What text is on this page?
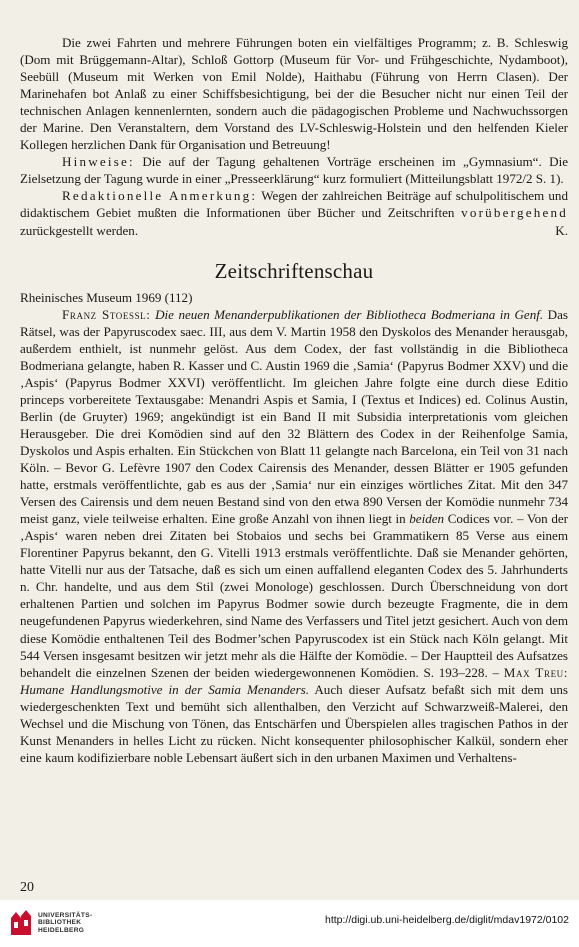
Die zwei Fahrten und mehrere Führungen boten ein vielfältiges Programm; z. B. Schleswig (Dom mit Brüggemann-Altar), Schloß Gottorp (Museum für Vor- und Frühgeschichte, Nydamboot), Seebüll (Museum mit Werken von Emil Nolde), Haithabu (Führung von Herrn Clasen). Der Marinehafen bot Anlaß zu einer Schiffsbesichtigung, bei der die Besucher nicht nur einen Teil der technischen Anlagen kennenlernten, sondern auch die pädagogischen Probleme und Nachwuchssorgen der Marine. Den Veranstaltern, dem Vorstand des LV-Schleswig-Holstein und den helfenden Kieler Kollegen herzlichen Dank für Organisation und Betreuung!

Hinweise: Die auf der Tagung gehaltenen Vorträge erscheinen im „Gymnasium“. Die Zielsetzung der Tagung wurde in einer „Presseerklärung“ kurz formuliert (Mitteilungsblatt 1972/2 S. 1).

Redaktionelle Anmerkung: Wegen der zahlreichen Beiträge auf schulpolitischem und didaktischem Gebiet mußten die Informationen über Bücher und Zeitschriften vorübergehend zurückgestellt werden.	K.

Zeitschriftenschau

Rheinisches Museum 1969 (112)

Franz Stoessl: Die neuen Menanderpublikationen der Bibliotheca Bodmeriana in Genf. Das Rätsel, was der Papyruscodex saec. III, aus dem V. Martin 1958 den Dyskolos des Menander herausgab, außerdem enthielt, ist nunmehr gelöst. Aus dem Codex, der fast vollständig in die Bibliotheca Bodmeriana gelangte, haben R. Kasser und C. Austin 1969 die ‚Samia‘ (Papyrus Bodmer XXV) und die ‚Aspis‘ (Papyrus Bodmer XXVI) veröffentlicht. Im gleichen Jahre folgte eine durch diese Editio princeps vorbereitete Textausgabe: Menandri Aspis et Samia, I (Textus et Indices) ed. Colinus Austin, Berlin (de Gruyter) 1969; angekündigt ist ein Band II mit Subsidia interpretationis vom gleichen Herausgeber. Die drei Komödien sind auf den 32 Blättern des Codex in der Reihenfolge Samia, Dyskolos und Aspis erhalten. Ein Stückchen von Blatt 11 gelangte nach Barcelona, ein Teil von 31 nach Köln. – Bevor G. Lefèvre 1907 den Codex Cairensis des Menander, dessen Blätter er 1905 gefunden hatte, erstmals veröffentlichte, gab es aus der ‚Samia‘ nur ein einziges wörtliches Zitat. Mit den 347 Versen des Cairensis und dem neuen Bestand sind von den etwa 890 Versen der Komödie nunmehr 734 meist ganz, viele teilweise erhalten. Eine große Anzahl von ihnen liegt in beiden Codices vor. – Von der ‚Aspis‘ waren neben drei Zitaten bei Stobaios und sechs bei Grammatikern 85 Verse aus einem Florentiner Papyrus bekannt, den G. Vitelli 1913 erstmals veröffentlichte. Daß sie Menander gehörten, hatte Vitelli nur aus der Tatsache, daß es sich um einen auffallend eleganten Codex des 5. Jahrhunderts n. Chr. handelte, und aus dem Stil (zwei Monologe) geschlossen. Durch Überschneidung von dort erhaltenen Partien und solchen im Papyrus Bodmer sowie durch bezeugte Fragmente, die in dem neugefundenen Papyrus wiederkehren, sind Name des Verfassers und Titel jetzt gesichert. Auch von dem diese Komödie enthaltenen Teil des Bodmer’schen Papyruscodex ist ein Stück nach Köln gelangt. Mit 544 Versen insgesamt besitzen wir jetzt mehr als die Hälfte der Komödie. – Der Hauptteil des Aufsatzes behandelt die einzelnen Szenen der beiden wiedergewonnenen Komödien. S. 193–228. – Max Treu: Humane Handlungsmotive in der Samia Menanders. Auch dieser Aufsatz befaßt sich mit dem uns wiedergeschenkten Text und bemüht sich allenthalben, den Verzicht auf Schwarzweiß-Malerei, den Wechsel und die Mischung von Tönen, das Entschärfen und Überspielen alles tragischen Pathos in der Kunst Menanders in helles Licht zu rücken. Nicht konsequenter philosophischer Kalkül, sondern eher eine kaum kodifizierbare noble Lebensart äußert sich in den urbanen Maximen und Verhaltens-

20
UNIVERSITÄTS-
BIBLIOTHEK
HEIDELBERG
http://digi.ub.uni-heidelberg.de/diglit/mdav1972/0102
